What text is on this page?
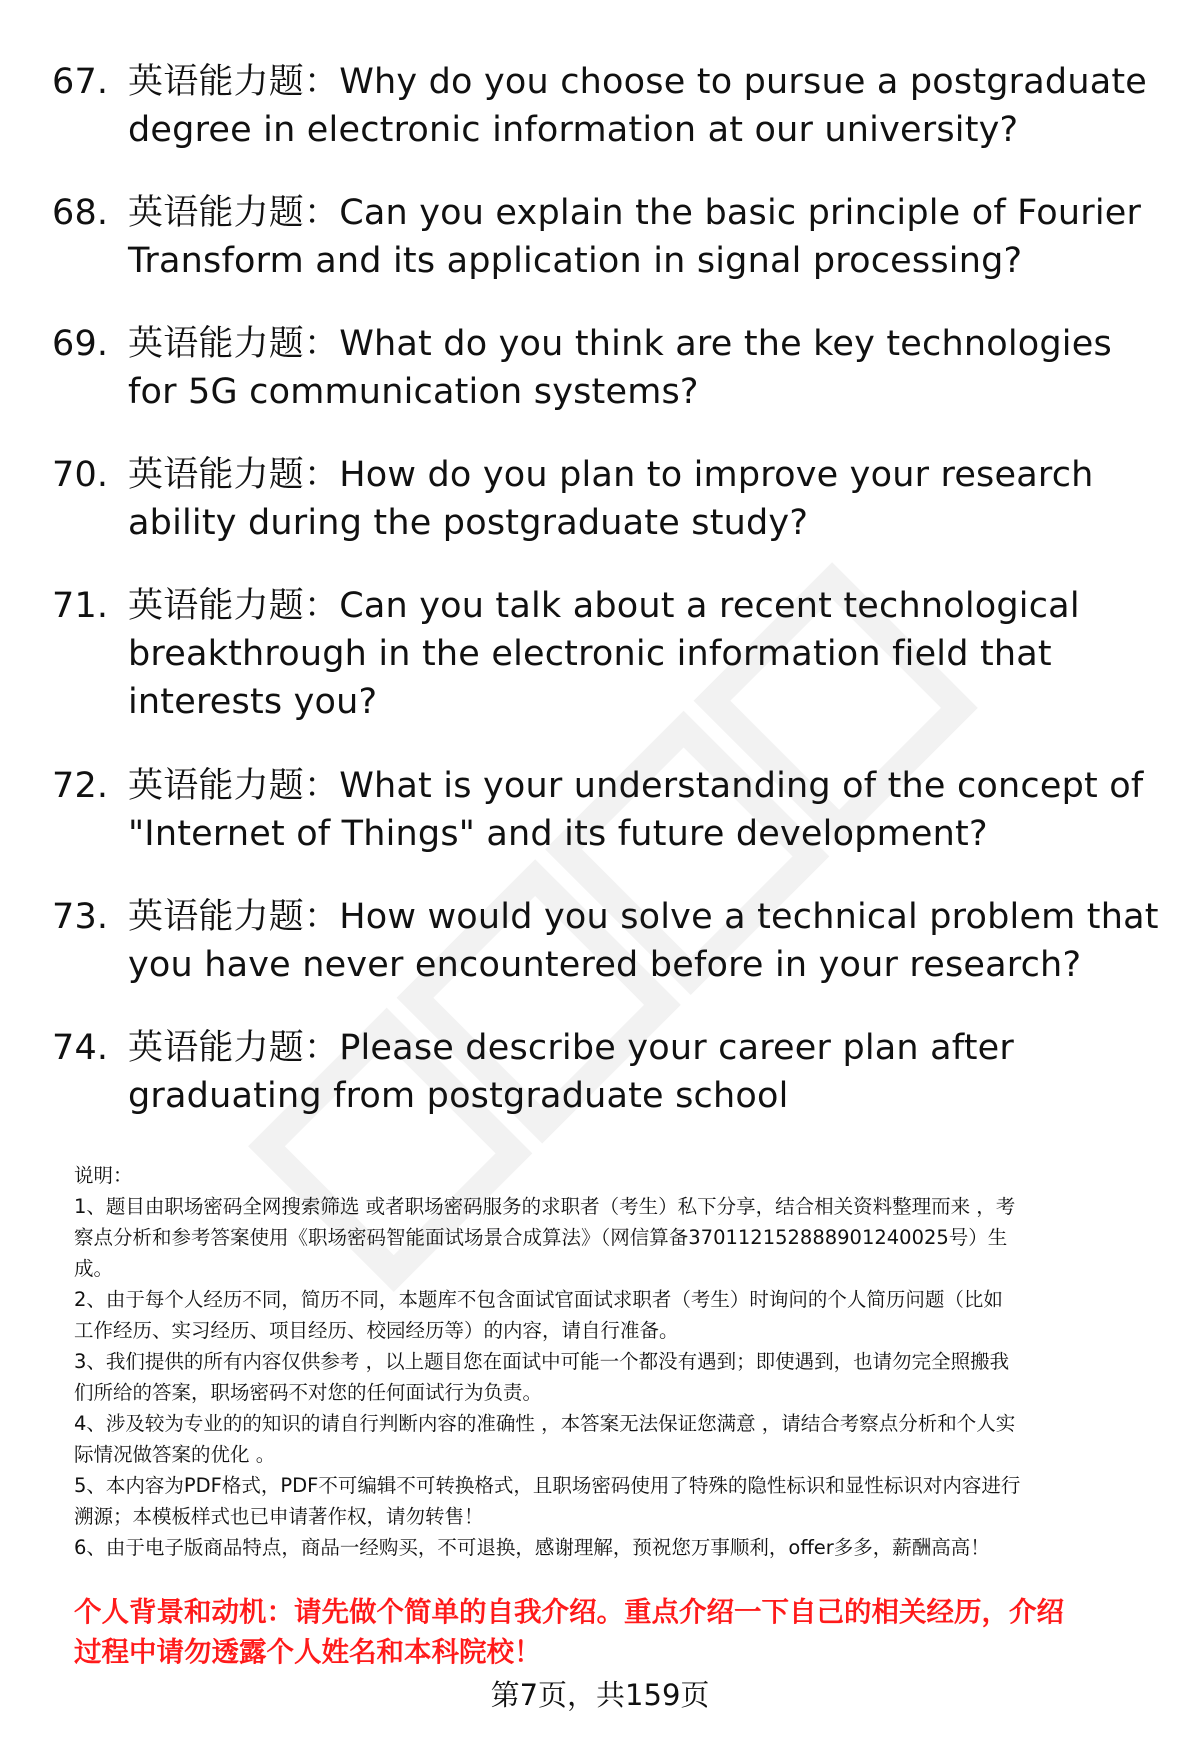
67. 英语能力题：Why do you choose to pursue a postgraduate
degree in electronic information at our university?
68. 英语能力题：Can you explain the basic principle of Fourier
Transform and its application in signal processing?
69. 英语能力题：What do you think are the key technologies
for 5G communication systems?
70. 英语能力题：How do you plan to improve your research
ability during the postgraduate study?
71. 英语能力题：Can you talk about a recent technological
breakthrough in the electronic information field that
interests you?
72. 英语能力题：What is your understanding of the concept of
"Internet of Things" and its future development?
73. 英语能力题：How would you solve a technical problem that
you have never encountered before in your research?
74. 英语能力题：Please describe your career plan after
graduating from postgraduate school

说明：

1、题目由职场密码全网搜索筛选 或者职场密码服务的求职者（考生）私下分享，结合相关资料整理而来 ，考

察点分析和参考答案使用《职场密码智能面试场景合成算法》（网信算备370112152888901240025号）生

成。

2、由于每个人经历不同，简历不同，本题库不包含面试官面试求职者（考生）时询问的个人简历问题（比如

工作经历、实习经历、项目经历、校园经历等）的内容，请自行准备。

3、我们提供的所有内容仅供参考 ，以上题目您在面试中可能一个都没有遇到；即使遇到，也请勿完全照搬我

们所给的答案，职场密码不对您的任何面试行为负责。

4、涉及较为专业的的知识的请自行判断内容的准确性 ，本答案无法保证您满意 ，请结合考察点分析和个人实

际情况做答案的优化 。

5、本内容为PDF格式，PDF不可编辑不可转换格式，且职场密码使用了特殊的隐性标识和显性标识对内容进行

溯源；本模板样式也已申请著作权，请勿转售！

6、由于电子版商品特点，商品一经购买，不可退换，感谢理解，预祝您万事顺利，offer多多，薪酬高高！

个人背景和动机：请先做个简单的自我介绍。重点介绍一下自己的相关经历，介绍
过程中请勿透露个人姓名和本科院校！
第7页，共159页
